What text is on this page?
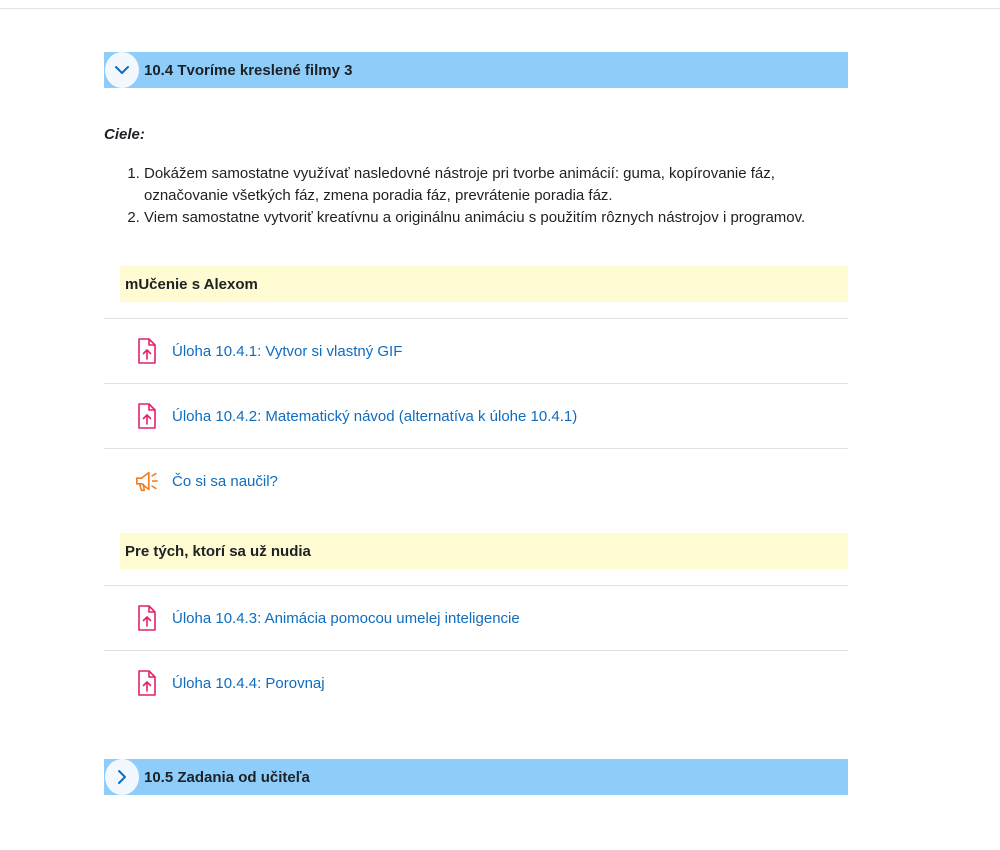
10.4 Tvoríme kreslené filmy 3
Ciele:
1. Dokážem samostatne využívať nasledovné nástroje pri tvorbe animácií: guma, kopírovanie fáz, označovanie všetkých fáz, zmena poradia fáz, prevrátenie poradia fáz.
2. Viem samostatne vytvoriť kreatívnu a originálnu animáciu s použitím rôznych nástrojov i programov.
mUčenie s Alexom
Úloha 10.4.1: Vytvor si vlastný GIF
Úloha 10.4.2: Matematický návod (alternatíva k úlohe 10.4.1)
Čo si sa naučil?
Pre tých, ktorí sa už nudia
Úloha 10.4.3: Animácia pomocou umelej inteligencie
Úloha 10.4.4: Porovnaj
10.5 Zadania od učiteľa
